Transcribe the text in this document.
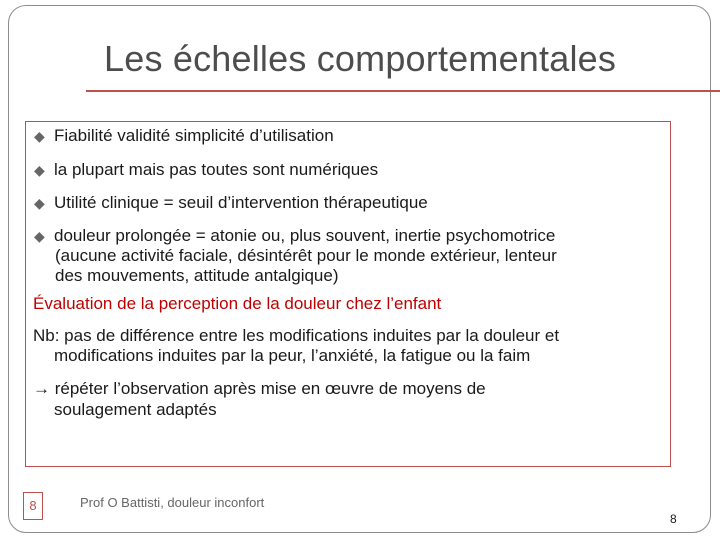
Les échelles comportementales
◆ Fiabilité validité simplicité d’utilisation
◆ la plupart mais pas toutes sont numériques
◆ Utilité clinique = seuil d’intervention thérapeutique
◆ douleur prolongée = atonie ou, plus souvent, inertie psychomotrice
(aucune activité faciale, désintérêt pour le monde extérieur, lenteur
des mouvements, attitude antalgique)
Évaluation de la perception de la douleur chez l’enfant
Nb: pas de différence entre les modifications induites par la douleur et
modifications induites par la peur, l’anxiété, la fatigue ou la faim
→ répéter l’observation après mise en œuvre de moyens de
soulagement adaptés
8	Prof O Battisti, douleur inconfort
8
